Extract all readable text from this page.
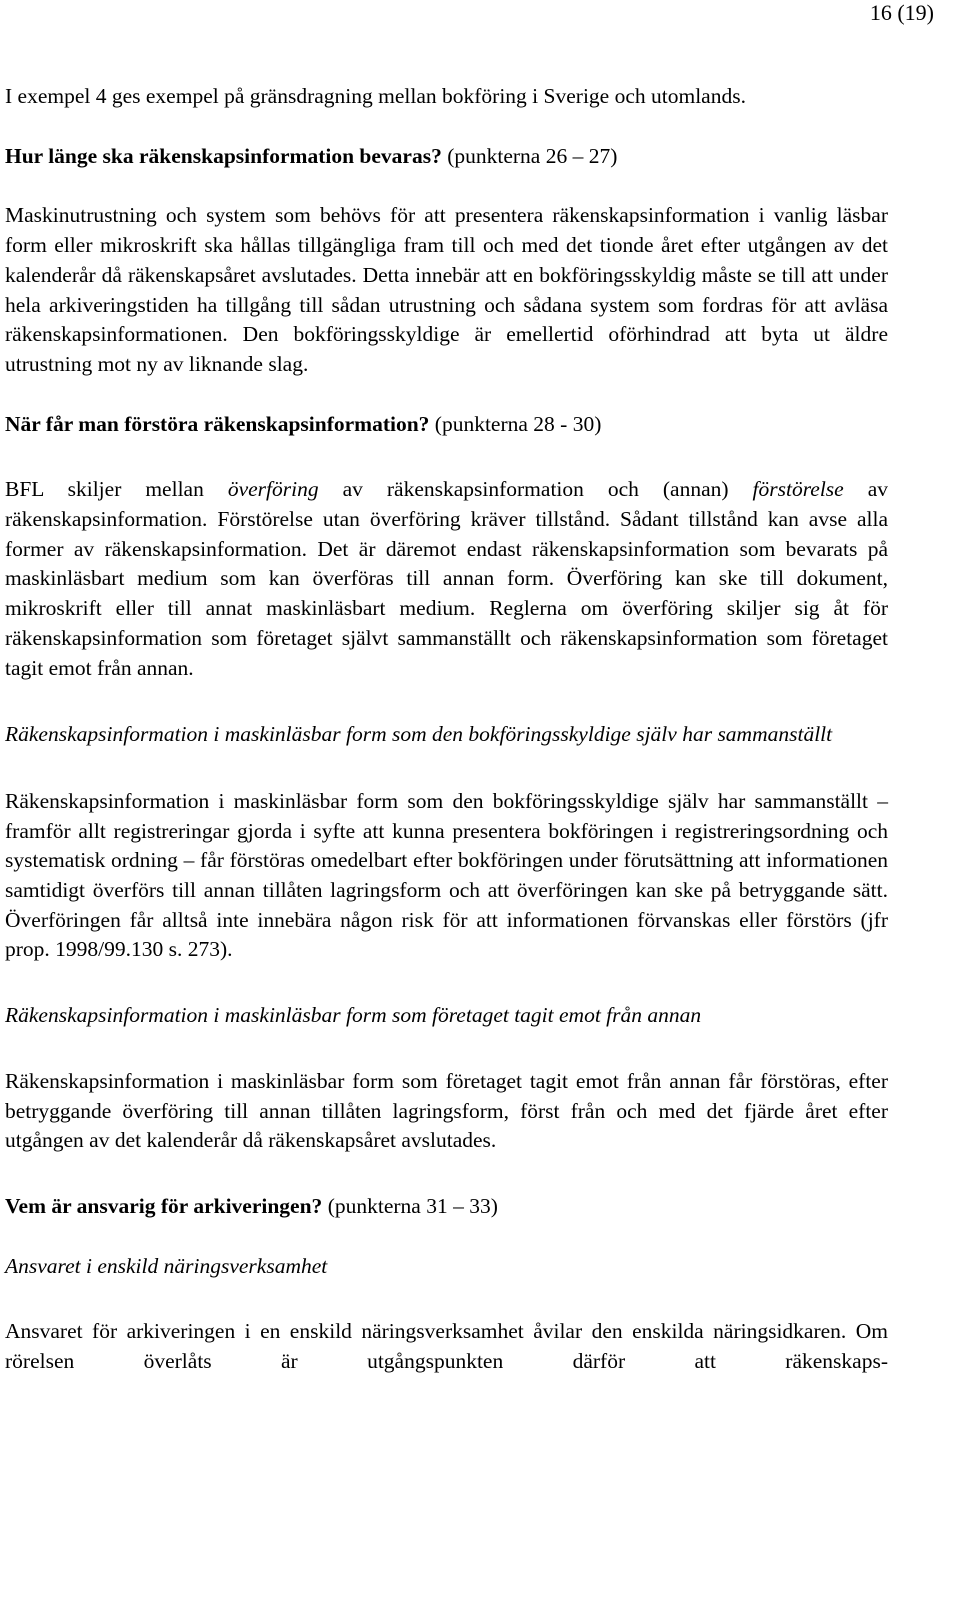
16 (19)

I exempel 4 ges exempel på gränsdragning mellan bokföring i Sverige och utomlands.

Hur länge ska räkenskapsinformation bevaras? (punkterna 26 – 27)

Maskinutrustning och system som behövs för att presentera räkenskapsinformation i vanlig läsbar form eller mikroskrift ska hållas tillgängliga fram till och med det tionde året efter utgången av det kalenderår då räkenskapsåret avslutades. Detta innebär att en bokföringsskyldig måste se till att under hela arkiveringstiden ha tillgång till sådan utrustning och sådana system som fordras för att avläsa räkenskapsinformationen. Den bokföringsskyldige är emellertid oförhindrad att byta ut äldre utrustning mot ny av liknande slag.

När får man förstöra räkenskapsinformation? (punkterna 28 - 30)

BFL skiljer mellan överföring av räkenskapsinformation och (annan) förstörelse av räkenskapsinformation. Förstörelse utan överföring kräver tillstånd. Sådant tillstånd kan avse alla former av räkenskapsinformation. Det är däremot endast räkenskapsinformation som bevarats på maskinläsbart medium som kan överföras till annan form. Överföring kan ske till dokument, mikroskrift eller till annat maskinläsbart medium. Reglerna om överföring skiljer sig åt för räkenskapsinformation som företaget självt sammanställt och räkenskapsinformation som företaget tagit emot från annan.

Räkenskapsinformation i maskinläsbar form som den bokföringsskyldige själv har sammanställt

Räkenskapsinformation i maskinläsbar form som den bokföringsskyldige själv har sammanställt – framför allt registreringar gjorda i syfte att kunna presentera bokföringen i registreringsordning och systematisk ordning – får förstöras omedelbart efter bokföringen under förutsättning att informationen samtidigt överförs till annan tillåten lagringsform och att överföringen kan ske på betryggande sätt. Överföringen får alltså inte innebära någon risk för att informationen förvanskas eller förstörs (jfr prop. 1998/99.130 s. 273).

Räkenskapsinformation i maskinläsbar form som företaget tagit emot från annan

Räkenskapsinformation i maskinläsbar form som företaget tagit emot från annan får förstöras, efter betryggande överföring till annan tillåten lagringsform, först från och med det fjärde året efter utgången av det kalenderår då räkenskapsåret avslutades.

Vem är ansvarig för arkiveringen? (punkterna 31 – 33)

Ansvaret i enskild näringsverksamhet

Ansvaret för arkiveringen i en enskild näringsverksamhet åvilar den enskilda näringsidkaren. Om rörelsen överlåts är utgångspunkten därför att räkenskaps-
